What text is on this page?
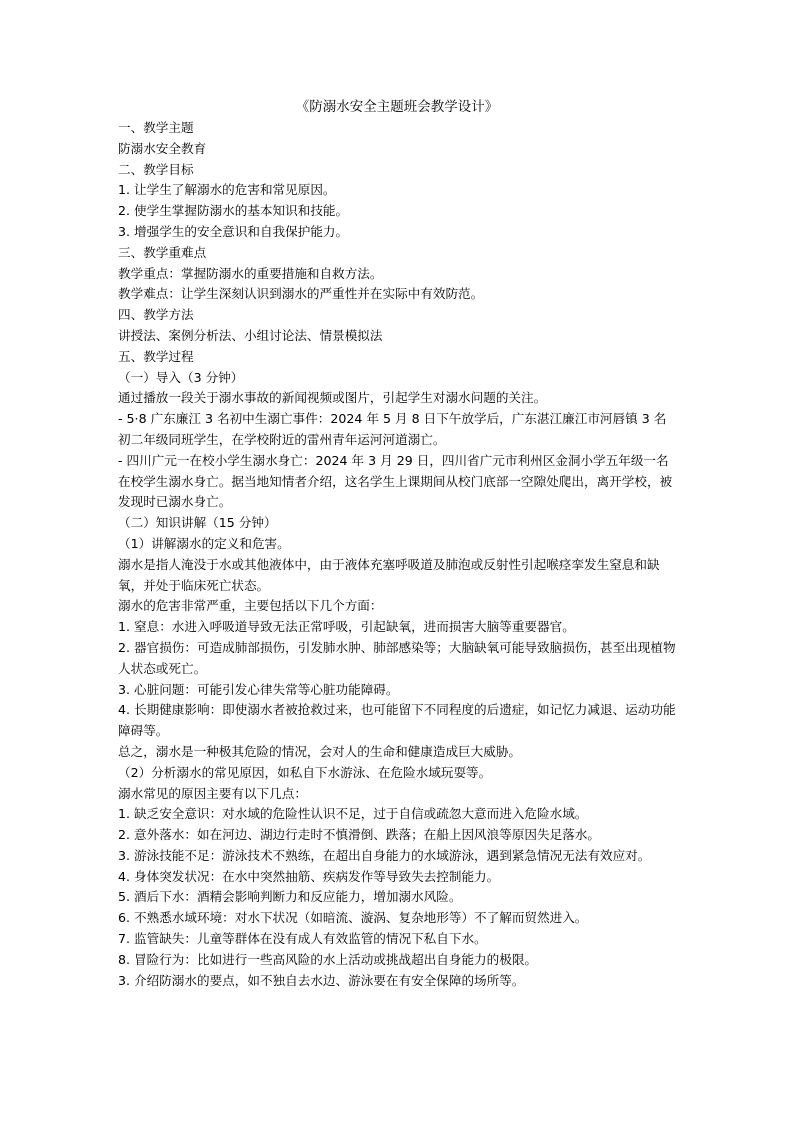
《防溺水安全主题班会教学设计》

一、教学主题

防溺水安全教育

二、教学目标

1. 让学生了解溺水的危害和常见原因。

2. 使学生掌握防溺水的基本知识和技能。

3. 增强学生的安全意识和自我保护能力。

三、教学重难点

教学重点：掌握防溺水的重要措施和自救方法。

教学难点：让学生深刻认识到溺水的严重性并在实际中有效防范。

四、教学方法

讲授法、案例分析法、小组讨论法、情景模拟法

五、教学过程

（一）导入（3 分钟）

通过播放一段关于溺水事故的新闻视频或图片，引起学生对溺水问题的关注。

- 5·8 广东廉江 3 名初中生溺亡事件：2024 年 5 月 8 日下午放学后，广东湛江廉江市河唇镇 3 名初二年级同班学生，在学校附近的雷州青年运河河道溺亡。

- 四川广元一在校小学生溺水身亡：2024 年 3 月 29 日，四川省广元市利州区金洞小学五年级一名在校学生溺水身亡。据当地知情者介绍，这名学生上课期间从校门底部一空隙处爬出，离开学校，被发现时已溺水身亡。

（二）知识讲解（15 分钟）

（1）讲解溺水的定义和危害。

溺水是指人淹没于水或其他液体中，由于液体充塞呼吸道及肺泡或反射性引起喉痉挛发生窒息和缺氧，并处于临床死亡状态。

溺水的危害非常严重，主要包括以下几个方面：

1. 窒息：水进入呼吸道导致无法正常呼吸，引起缺氧，进而损害大脑等重要器官。

2. 器官损伤：可造成肺部损伤，引发肺水肿、肺部感染等；大脑缺氧可能导致脑损伤，甚至出现植物人状态或死亡。

3. 心脏问题：可能引发心律失常等心脏功能障碍。

4. 长期健康影响：即使溺水者被抢救过来，也可能留下不同程度的后遗症，如记忆力减退、运动功能障碍等。

总之，溺水是一种极其危险的情况，会对人的生命和健康造成巨大威胁。

（2）分析溺水的常见原因，如私自下水游泳、在危险水域玩耍等。

溺水常见的原因主要有以下几点：

1. 缺乏安全意识：对水域的危险性认识不足，过于自信或疏忽大意而进入危险水域。

2. 意外落水：如在河边、湖边行走时不慎滑倒、跌落；在船上因风浪等原因失足落水。

3. 游泳技能不足：游泳技术不熟练，在超出自身能力的水域游泳，遇到紧急情况无法有效应对。

4. 身体突发状况：在水中突然抽筋、疾病发作等导致失去控制能力。

5. 酒后下水：酒精会影响判断力和反应能力，增加溺水风险。

6. 不熟悉水域环境：对水下状况（如暗流、漩涡、复杂地形等）不了解而贸然进入。

7. 监管缺失：儿童等群体在没有成人有效监管的情况下私自下水。

8. 冒险行为：比如进行一些高风险的水上活动或挑战超出自身能力的极限。

3. 介绍防溺水的要点，如不独自去水边、游泳要在有安全保障的场所等。
